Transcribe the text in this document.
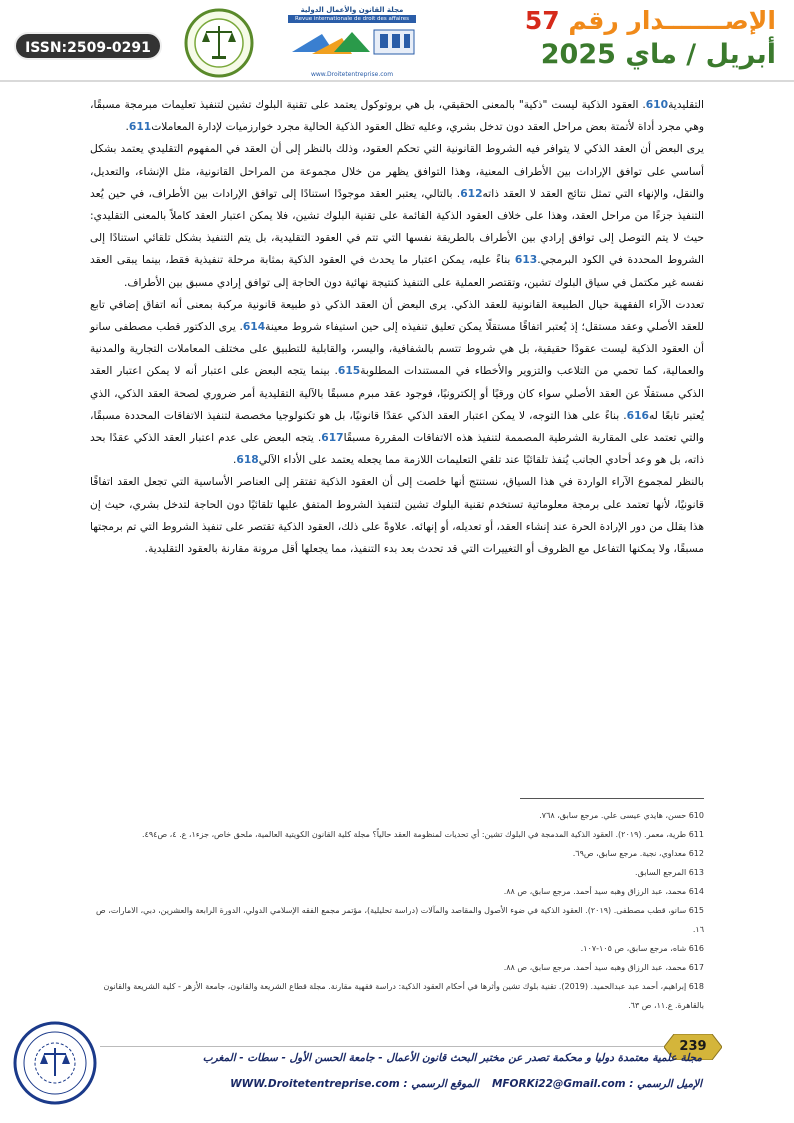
الإصـــــــدار رقم 57
أبريل / ماي 2025
مجلة القانون والأعمال الدولية
Revue internationale de droit des affaires
www.Droitetentreprise.com
ISSN:2509-0291

التقليدية610. العقود الذكية ليست "ذكية" بالمعنى الحقيقي، بل هي بروتوكول يعتمد على تقنية البلوك تشين لتنفيذ تعليمات مبرمجة مسبقًا، وهي مجرد أداة لأتمتة بعض مراحل العقد دون تدخل بشري، وعليه تظل العقود الذكية الحالية مجرد خوارزميات لإدارة المعاملات611.

يرى البعض أن العقد الذكي لا يتوافر فيه الشروط القانونية التي تحكم العقود، وذلك بالنظر إلى أن العقد في المفهوم التقليدي يعتمد بشكل أساسي على توافق الإرادات بين الأطراف المعنية، وهذا التوافق يظهر من خلال مجموعة من المراحل القانونية، مثل الإنشاء، والتعديل، والنقل، والإنهاء التي تمثل نتائج العقد لا العقد ذاته612. بالتالي، يعتبر العقد موجودًا استنادًا إلى توافق الإرادات بين الأطراف، في حين يُعد التنفيذ جزءًا من مراحل العقد، وهذا على خلاف العقود الذكية القائمة على تقنية البلوك تشين، فلا يمكن اعتبار العقد كاملاً بالمعنى التقليدي: حيث لا يتم التوصل إلى توافق إرادي بين الأطراف بالطريقة نفسها التي تتم في العقود التقليدية، بل يتم التنفيذ بشكل تلقائي استنادًا إلى الشروط المحددة في الكود البرمجي.613 بناءً عليه، يمكن اعتبار ما يحدث في العقود الذكية بمثابة مرحلة تنفيذية فقط، بينما يبقى العقد نفسه غير مكتمل في سياق البلوك تشين، وتقتصر العملية على التنفيذ كنتيجة نهائية دون الحاجة إلى توافق إرادي مسبق بين الأطراف.

تعددت الآراء الفقهية حيال الطبيعة القانونية للعقد الذكي. يرى البعض أن العقد الذكي ذو طبيعة قانونية مركبة بمعنى أنه اتفاق إضافي تابع للعقد الأصلي وعقد مستقل؛ إذ يُعتبر اتفاقًا مستقلًا يمكن تعليق تنفيذه إلى حين استيفاء شروط معينة614. يرى الدكتور قطب مصطفى سانو أن العقود الذكية ليست عقودًا حقيقية، بل هي شروط تتسم بالشفافية، واليسر، والقابلية للتطبيق على مختلف المعاملات التجارية والمدنية والعمالية، كما تحمي من التلاعب والتزوير والأخطاء في المستندات المطلوبة615. بينما يتجه البعض على اعتبار أنه لا يمكن اعتبار العقد الذكي مستقلًا عن العقد الأصلي سواء كان ورقيًا أو إلكترونيًا، فوجود عقد مبرم مسبقًا بالآلية التقليدية أمر ضروري لصحة العقد الذكي، الذي يُعتبر تابعًا له616. بناءً على هذا التوجه، لا يمكن اعتبار العقد الذكي عقدًا قانونيًا، بل هو تكنولوجيا مخصصة لتنفيذ الاتفاقات المحددة مسبقًا، والتي تعتمد على المقاربة الشرطية المصممة لتنفيذ هذه الاتفاقات المقررة مسبقًا617. يتجه البعض على عدم اعتبار العقد الذكي عقدًا بحد ذاته، بل هو وعد أحادي الجانب يُنفذ تلقائيًا عند تلقي التعليمات اللازمة مما يجعله يعتمد على الأداء الآلي618.

بالنظر لمجموع الآراء الواردة في هذا السياق، نستنتج أنها خلصت إلى أن العقود الذكية تفتقر إلى العناصر الأساسية التي تجعل العقد اتفاقًا قانونيًا، لأنها تعتمد على برمجة معلوماتية تستخدم تقنية البلوك تشين لتنفيذ الشروط المتفق عليها تلقائيًا دون الحاجة لتدخل بشري، حيث إن هذا يقلل من دور الإرادة الحرة عند إنشاء العقد، أو تعديله، أو إنهائه. علاوةً على ذلك، العقود الذكية تقتصر على تنفيذ الشروط التي تم برمجتها مسبقًا، ولا يمكنها التفاعل مع الظروف أو التغييرات التي قد تحدث بعد بدء التنفيذ، مما يجعلها أقل مرونة مقارنة بالعقود التقليدية.

610 حسن، هايدي عيسى علي. مرجع سابق، ٧٦٨.
611 طرية، معمر. (٢٠١٩). العقود الذكية المدمجة في البلوك تشين: أي تحديات لمنظومة العقد حالياً؟ مجلة كلية القانون الكويتية العالمية، ملحق خاص، جزء١، ع. ٤، ص٤٩٤.
612 معداوي، نجية. مرجع سابق، ص٦٩.
613 المرجع السابق.
614 محمد، عبد الرزاق وهبه سيد أحمد. مرجع سابق، ص ٨٨.
615 سانو، قطب مصطفى. (٢٠١٩). العقود الذكية في ضوء الأصول والمقاصد والمآلات (دراسة تحليلية)، مؤتمر مجمع الفقه الإسلامي الدولي، الدورة الرابعة والعشرين، دبي، الامارات، ص ١٦.
616 شاه، مرجع سابق، ص ١٠٥-١٠٧.
617 محمد، عبد الرزاق وهبه سيد أحمد. مرجع سابق، ص ٨٨.
618 إبراهيم، أحمد عبد عبدالحميد. (2019). تقنية بلوك تشين وأثرها في أحكام العقود الذكية: دراسة فقهية مقارنة. مجلة قطاع الشريعة والقانون، جامعة الأزهر - كلية الشريعة والقانون بالقاهرة. ع.١١، ص ٦٣.
239
مجلة علمية معتمدة دوليا و محكمة تصدر عن مختبر البحث قانون الأعمال - جامعة الحسن الأول - سطات - المغرب
الإميل الرسمي : MFORKi22@Gmail.com  الموقع الرسمي : WWW.Droitetentreprise.com
